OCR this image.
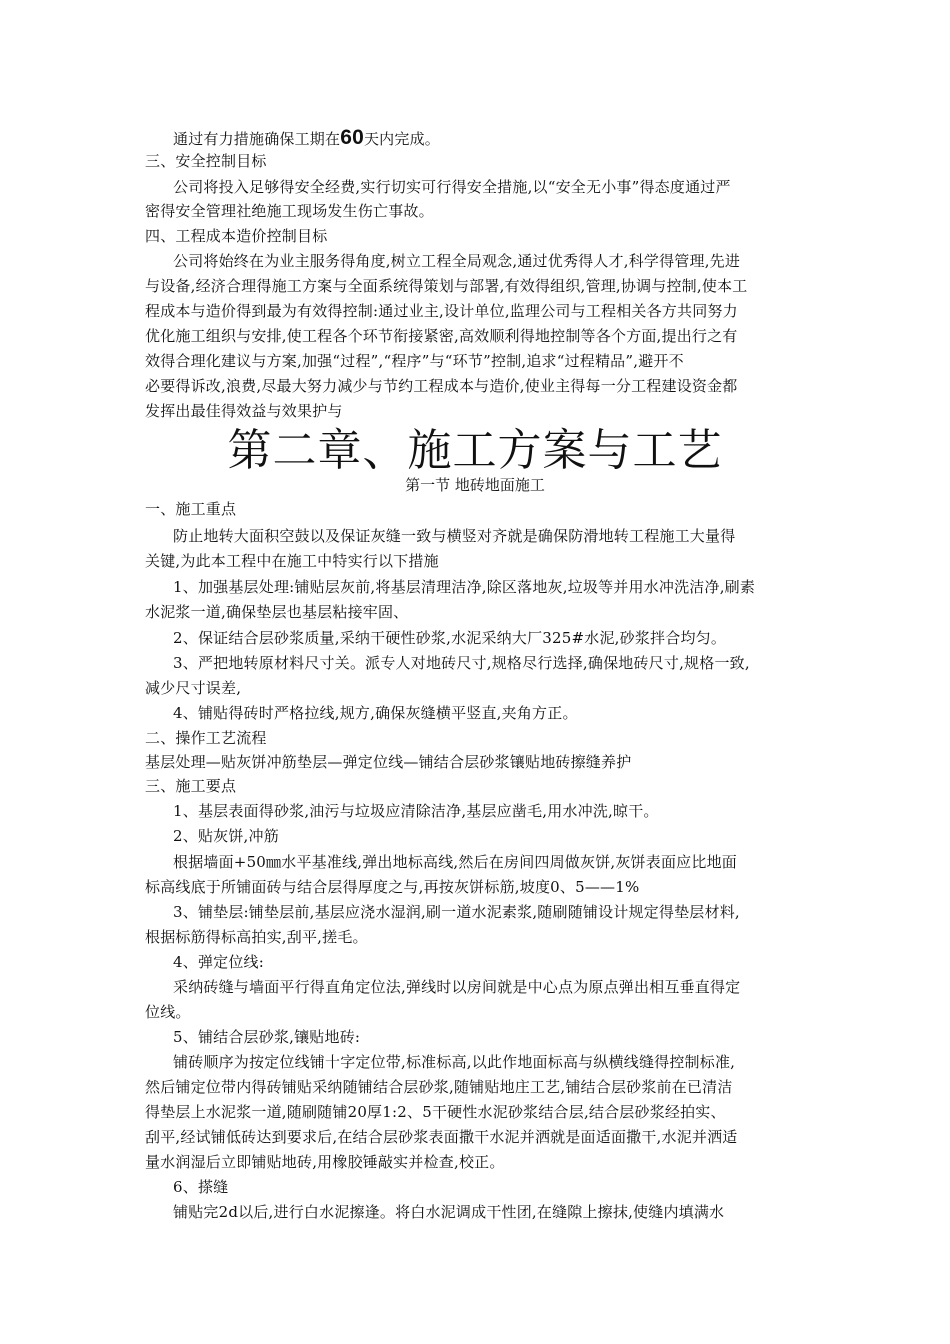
通过有力措施确保工期在60天内完成。
三、安全控制目标
公司将投入足够得安全经费,实行切实可行得安全措施,以“安全无小事”得态度通过严
密得安全管理社绝施工现场发生伤亡事故。
四、工程成本造价控制目标
公司将始终在为业主服务得角度,树立工程全局观念,通过优秀得人才,科学得管理,先进
与设备,经济合理得施工方案与全面系统得策划与部署,有效得组织,管理,协调与控制,使本工
程成本与造价得到最为有效得控制:通过业主,设计单位,监理公司与工程相关各方共同努力
优化施工组织与安排,使工程各个环节衔接紧密,高效顺利得地控制等各个方面,提出行之有
效得合理化建议与方案,加强“过程”,“程序”与“环节”控制,追求“过程精品”,避开不
必要得诉改,浪费,尽最大努力减少与节约工程成本与造价,使业主得每一分工程建设资金都
发挥出最佳得效益与效果护与
第二章、施工方案与工艺
第一节 地砖地面施工
一、施工重点
防止地转大面积空鼓以及保证灰缝一致与横竖对齐就是确保防滑地转工程施工大量得
关键,为此本工程中在施工中特实行以下措施
1、加强基层处理:铺贴层灰前,将基层清理洁净,除区落地灰,垃圾等并用水冲洗洁净,刷素
水泥浆一道,确保垫层也基层粘接牢固、
2、保证结合层砂浆质量,采纳干硬性砂浆,水泥采纳大厂325#水泥,砂浆拌合均匀。
3、严把地转原材料尺寸关。派专人对地砖尺寸,规格尽行选择,确保地砖尺寸,规格一致,
减少尺寸误差,
4、铺贴得砖时严格拉线,规方,确保灰缝横平竖直,夹角方正。
二、操作工艺流程
基层处理—贴灰饼冲筋垫层—弹定位线—铺结合层砂浆镶贴地砖擦缝养护
三、施工要点
1、基层表面得砂浆,油污与垃圾应清除洁净,基层应凿毛,用水冲洗,晾干。
2、贴灰饼,冲筋
根据墙面+50㎜水平基准线,弹出地标高线,然后在房间四周做灰饼,灰饼表面应比地面
标高线底于所铺面砖与结合层得厚度之与,再按灰饼标筋,坡度0、5——1%
3、铺垫层:铺垫层前,基层应浇水湿润,刷一道水泥素浆,随刷随铺设计规定得垫层材料,
根据标筋得标高拍实,刮平,搓毛。
4、弹定位线:
采纳砖缝与墙面平行得直角定位法,弹线时以房间就是中心点为原点弹出相互垂直得定
位线。
5、铺结合层砂浆,镶贴地砖:
铺砖顺序为按定位线铺十字定位带,标准标高,以此作地面标高与纵横线缝得控制标准,
然后铺定位带内得砖铺贴采纳随铺结合层砂浆,随铺贴地庄工艺,铺结合层砂浆前在已清洁
得垫层上水泥浆一道,随刷随铺20厚1:2、5干硬性水泥砂浆结合层,结合层砂浆经拍实、
刮平,经试铺低砖达到要求后,在结合层砂浆表面撒干水泥并洒就是面适面撒干,水泥并洒适
量水润湿后立即铺贴地砖,用橡胶锤敲实并检查,校正。
6、搽缝
铺贴完2d以后,进行白水泥擦逢。将白水泥调成干性团,在缝隙上擦抹,使缝内填满水
